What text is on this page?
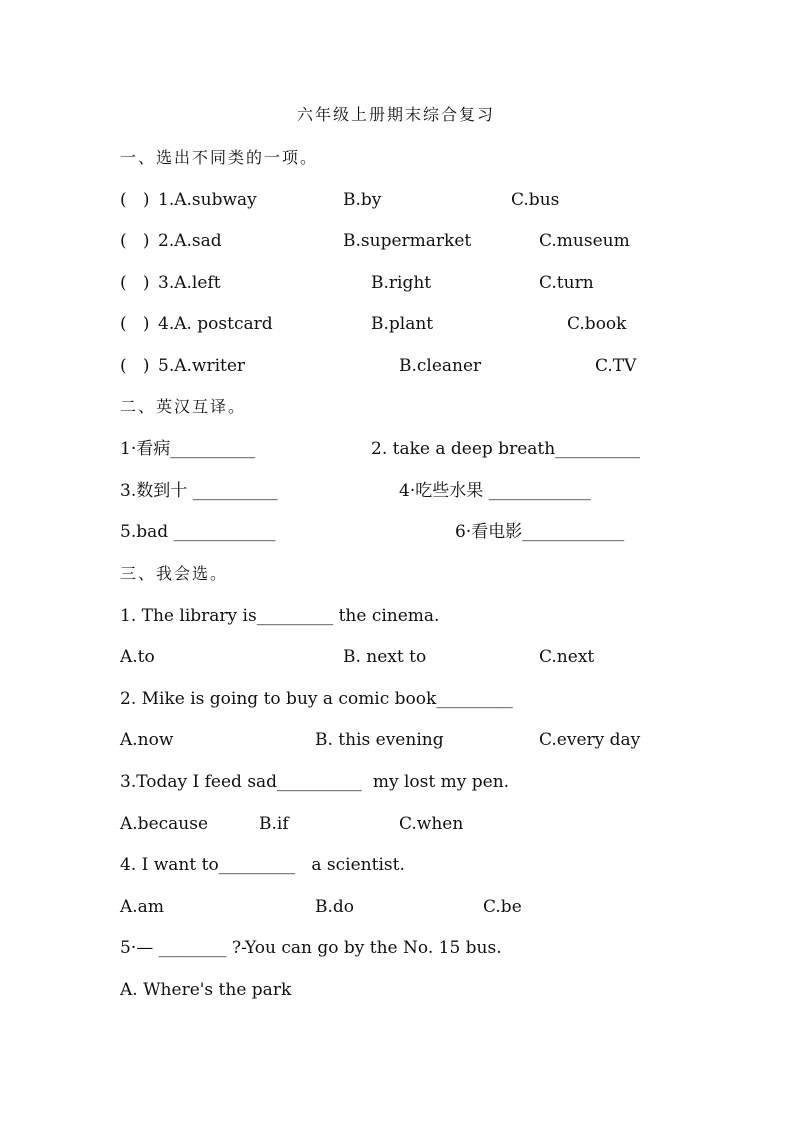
六年级上册期末综合复习
一、选出不同类的一项。
(   ) 1.A.subway	B.by	C.bus
(   ) 2.A.sad	B.supermarket	C.museum
(   ) 3.A.left	B.right	C.turn
(   ) 4.A. postcard	B.plant	C.book
(   ) 5.A.writer	B.cleaner	C.TV
二、英汉互译。
1·看病__________	2. take a deep breath__________
3.数到十 __________	4·吃些水果 ____________
5.bad ____________	6·看电影____________
三、我会选。
1. The library is_________ the cinema.
A.to	B. next to	C.next
2. Mike is going to buy a comic book_________
A.now	B. this evening	C.every day
3.Today I feed sad__________  my lost my pen.
A.because	B.if	C.when
4. I want to_________   a scientist.
A.am	B.do	C.be
5·— ________ ?-You can go by the No. 15 bus.
A. Where's the park
